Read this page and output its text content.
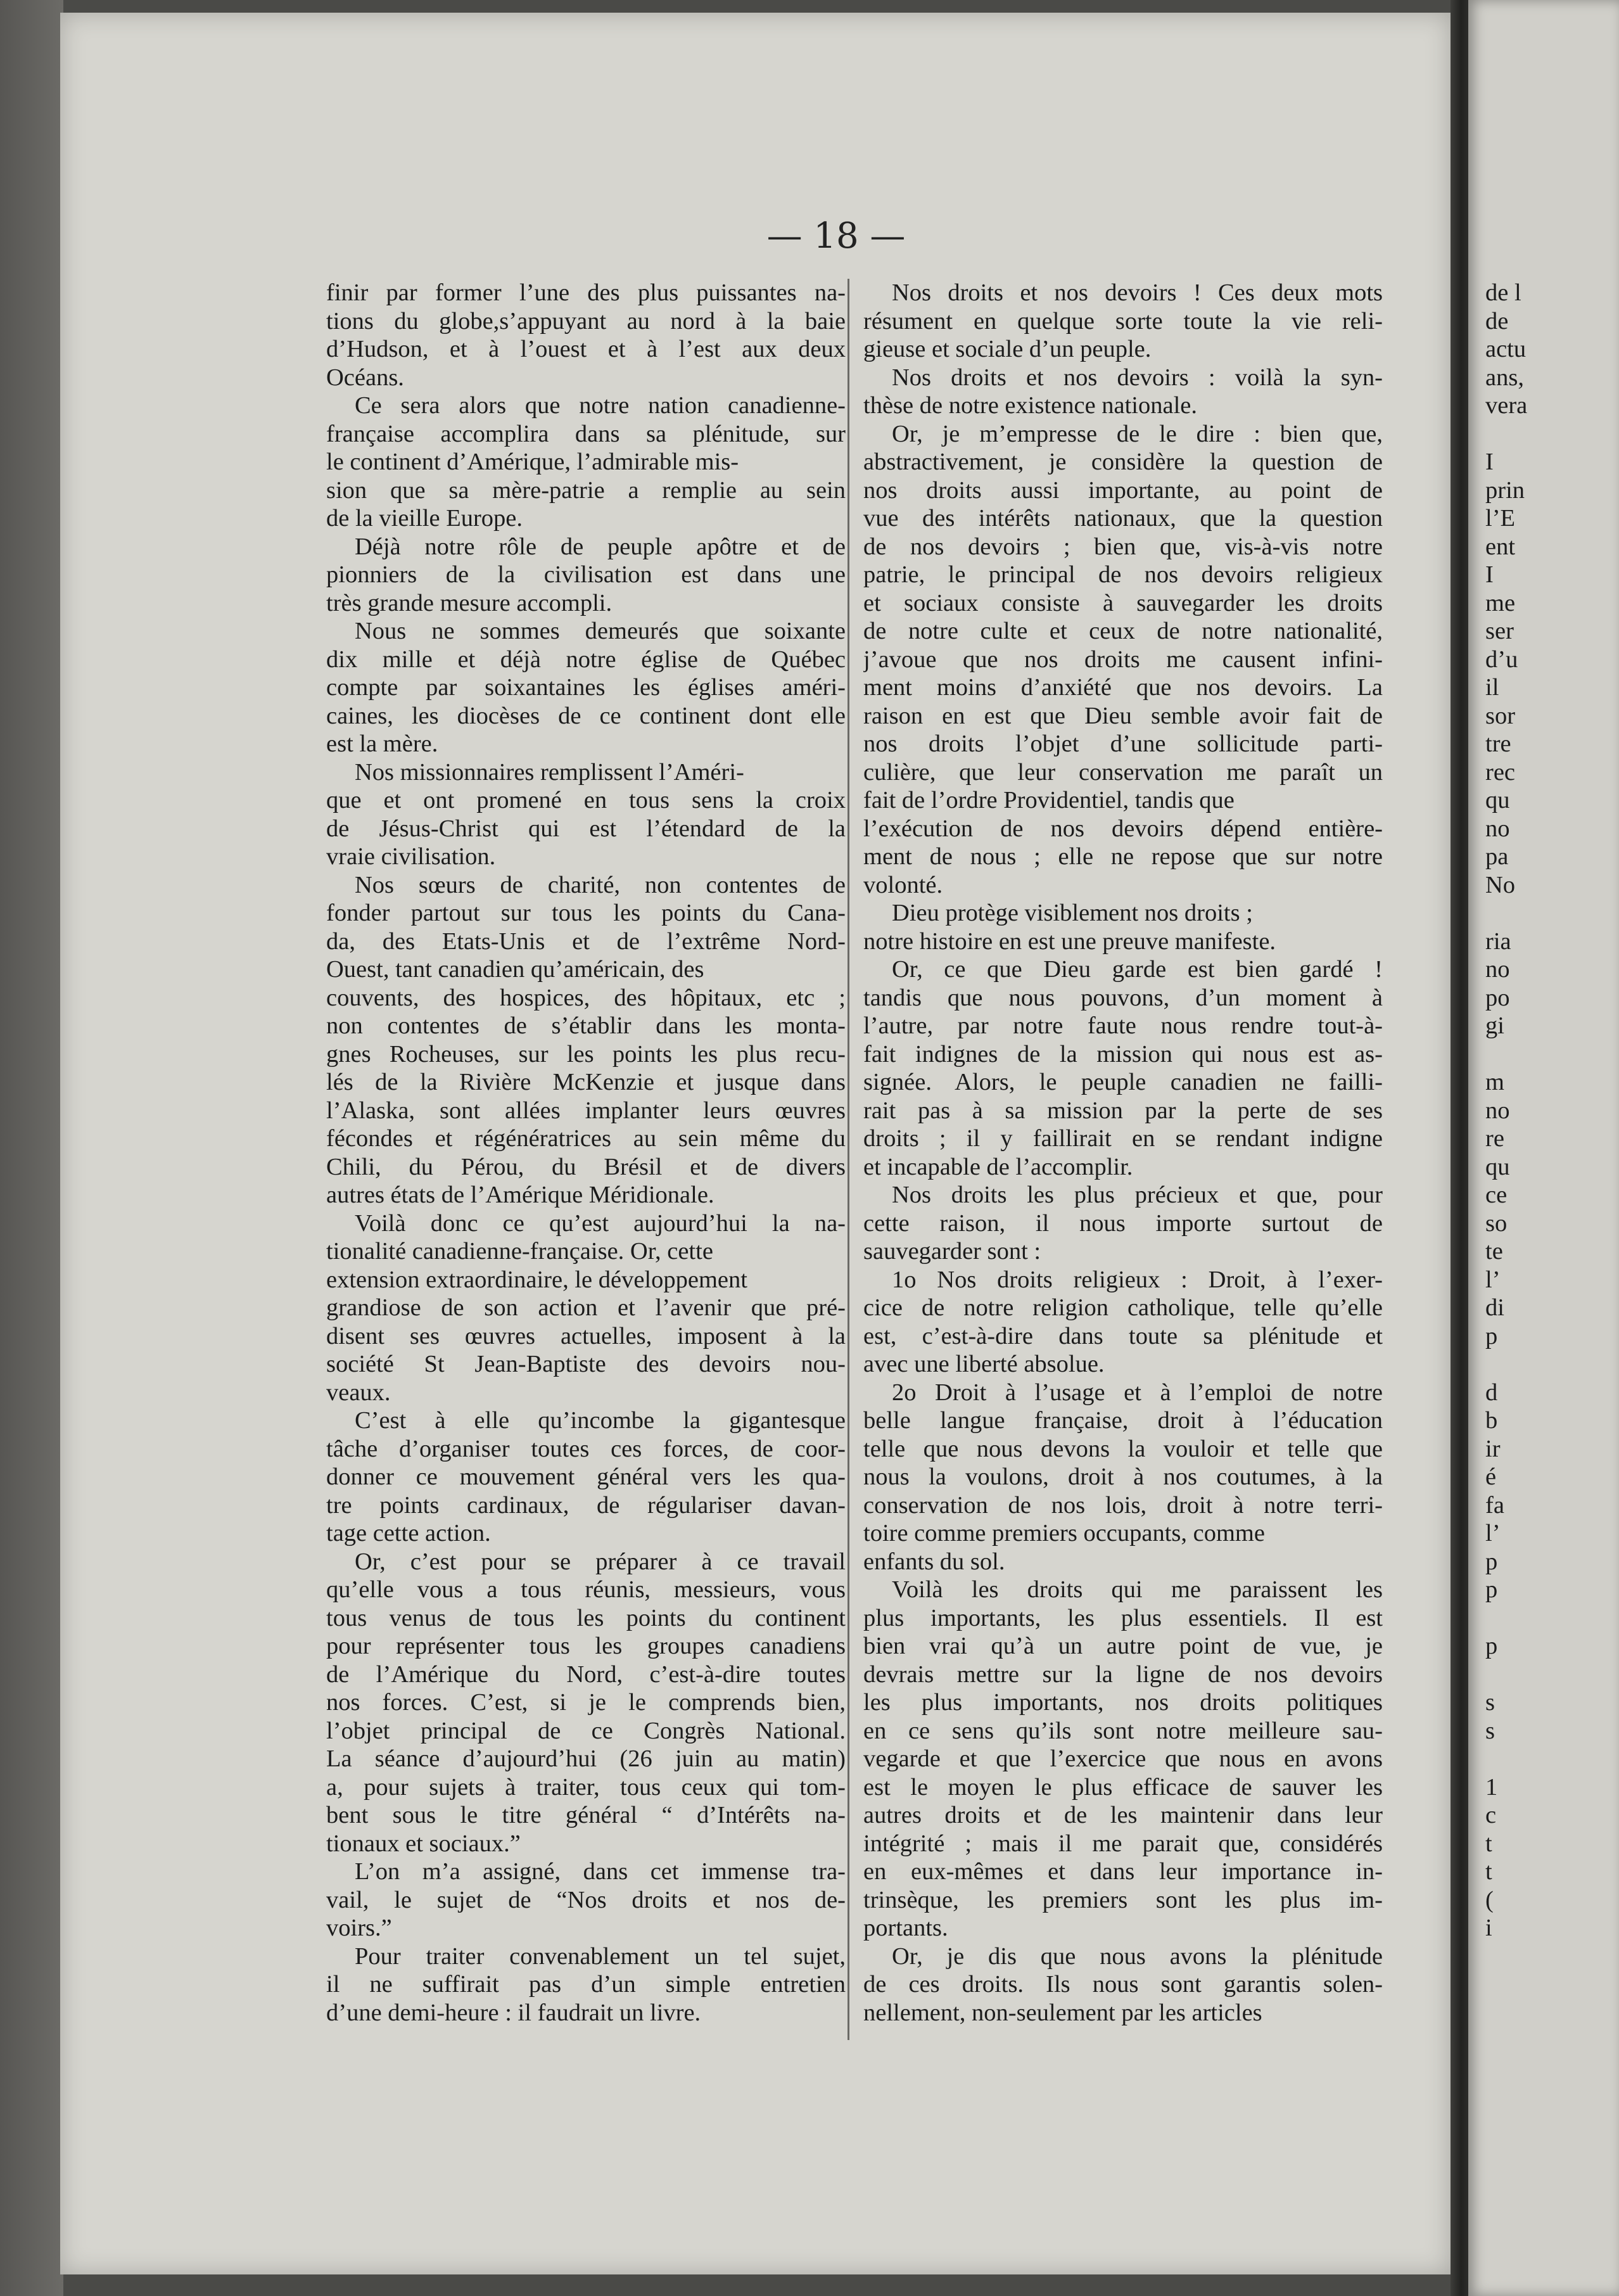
— 18 —
finir par former l’une des plus puissantes na-
tions du globe,s’appuyant au nord à la baie
d’Hudson, et à l’ouest et à l’est aux deux
Océans.
Ce sera alors que notre nation canadienne-
française accomplira dans sa plénitude, sur
le continent d’Amérique, l’admirable mis-
sion que sa mère-patrie a remplie au sein
de la vieille Europe.
Déjà notre rôle de peuple apôtre et de
pionniers de la civilisation est dans une
très grande mesure accompli.
Nous ne sommes demeurés que soixante
dix mille et déjà notre église de Québec
compte par soixantaines les églises améri-
caines, les diocèses de ce continent dont elle
est la mère.
Nos missionnaires remplissent l’Améri-
que et ont promené en tous sens la croix
de Jésus-Christ qui est l’étendard de la
vraie civilisation.
Nos sœurs de charité, non contentes de
fonder partout sur tous les points du Cana-
da, des Etats-Unis et de l’extrême Nord-
Ouest, tant canadien qu’américain, des
couvents, des hospices, des hôpitaux, etc ;
non contentes de s’établir dans les monta-
gnes Rocheuses, sur les points les plus recu-
lés de la Rivière McKenzie et jusque dans
l’Alaska, sont allées implanter leurs œuvres
fécondes et régénératrices au sein même du
Chili, du Pérou, du Brésil et de divers
autres états de l’Amérique Méridionale.
Voilà donc ce qu’est aujourd’hui la na-
tionalité canadienne-française. Or, cette
extension extraordinaire, le développement
grandiose de son action et l’avenir que pré-
disent ses œuvres actuelles, imposent à la
société St Jean-Baptiste des devoirs nou-
veaux.
C’est à elle qu’incombe la gigantesque
tâche d’organiser toutes ces forces, de coor-
donner ce mouvement général vers les qua-
tre points cardinaux, de régulariser davan-
tage cette action.
Or, c’est pour se préparer à ce travail
qu’elle vous a tous réunis, messieurs, vous
tous venus de tous les points du continent
pour représenter tous les groupes canadiens
de l’Amérique du Nord, c’est-à-dire toutes
nos forces. C’est, si je le comprends bien,
l’objet principal de ce Congrès National.
La séance d’aujourd’hui (26 juin au matin)
a, pour sujets à traiter, tous ceux qui tom-
bent sous le titre général “ d’Intérêts na-
tionaux et sociaux.”
L’on m’a assigné, dans cet immense tra-
vail, le sujet de “Nos droits et nos de-
voirs.”
Pour traiter convenablement un tel sujet,
il ne suffirait pas d’un simple entretien
d’une demi-heure : il faudrait un livre.
Nos droits et nos devoirs ! Ces deux mots
résument en quelque sorte toute la vie reli-
gieuse et sociale d’un peuple.
Nos droits et nos devoirs : voilà la syn-
thèse de notre existence nationale.
Or, je m’empresse de le dire : bien que,
abstractivement, je considère la question de
nos droits aussi importante, au point de
vue des intérêts nationaux, que la question
de nos devoirs ; bien que, vis-à-vis notre
patrie, le principal de nos devoirs religieux
et sociaux consiste à sauvegarder les droits
de notre culte et ceux de notre nationalité,
j’avoue que nos droits me causent infini-
ment moins d’anxiété que nos devoirs. La
raison en est que Dieu semble avoir fait de
nos droits l’objet d’une sollicitude parti-
culière, que leur conservation me paraît un
fait de l’ordre Providentiel, tandis que
l’exécution de nos devoirs dépend entière-
ment de nous ; elle ne repose que sur notre
volonté.
Dieu protège visiblement nos droits ;
notre histoire en est une preuve manifeste.
Or, ce que Dieu garde est bien gardé !
tandis que nous pouvons, d’un moment à
l’autre, par notre faute nous rendre tout-à-
fait indignes de la mission qui nous est as-
signée. Alors, le peuple canadien ne failli-
rait pas à sa mission par la perte de ses
droits ; il y faillirait en se rendant indigne
et incapable de l’accomplir.
Nos droits les plus précieux et que, pour
cette raison, il nous importe surtout de
sauvegarder sont :
1o Nos droits religieux : Droit, à l’exer-
cice de notre religion catholique, telle qu’elle
est, c’est-à-dire dans toute sa plénitude et
avec une liberté absolue.
2o Droit à l’usage et à l’emploi de notre
belle langue française, droit à l’éducation
telle que nous devons la vouloir et telle que
nous la voulons, droit à nos coutumes, à la
conservation de nos lois, droit à notre terri-
toire comme premiers occupants, comme
enfants du sol.
Voilà les droits qui me paraissent les
plus importants, les plus essentiels. Il est
bien vrai qu’à un autre point de vue, je
devrais mettre sur la ligne de nos devoirs
les plus importants, nos droits politiques
en ce sens qu’ils sont notre meilleure sau-
vegarde et que l’exercice que nous en avons
est le moyen le plus efficace de sauver les
autres droits et de les maintenir dans leur
intégrité ; mais il me parait que, considérés
en eux-mêmes et dans leur importance in-
trinsèque, les premiers sont les plus im-
portants.
Or, je dis que nous avons la plénitude
de ces droits. Ils nous sont garantis solen-
nellement, non-seulement par les articles
de l
de
actu
ans,
vera

I
prin
l’E
ent
I
me
ser
d’u
il
sor
tre
rec
qu
no
pa
No

ria
no
po
gi

m
no
re
qu
ce
so
te
l’
di
p

d
b
ir
é
fa
l’
p
p

p

s
s

1
c
t
t
(
i
